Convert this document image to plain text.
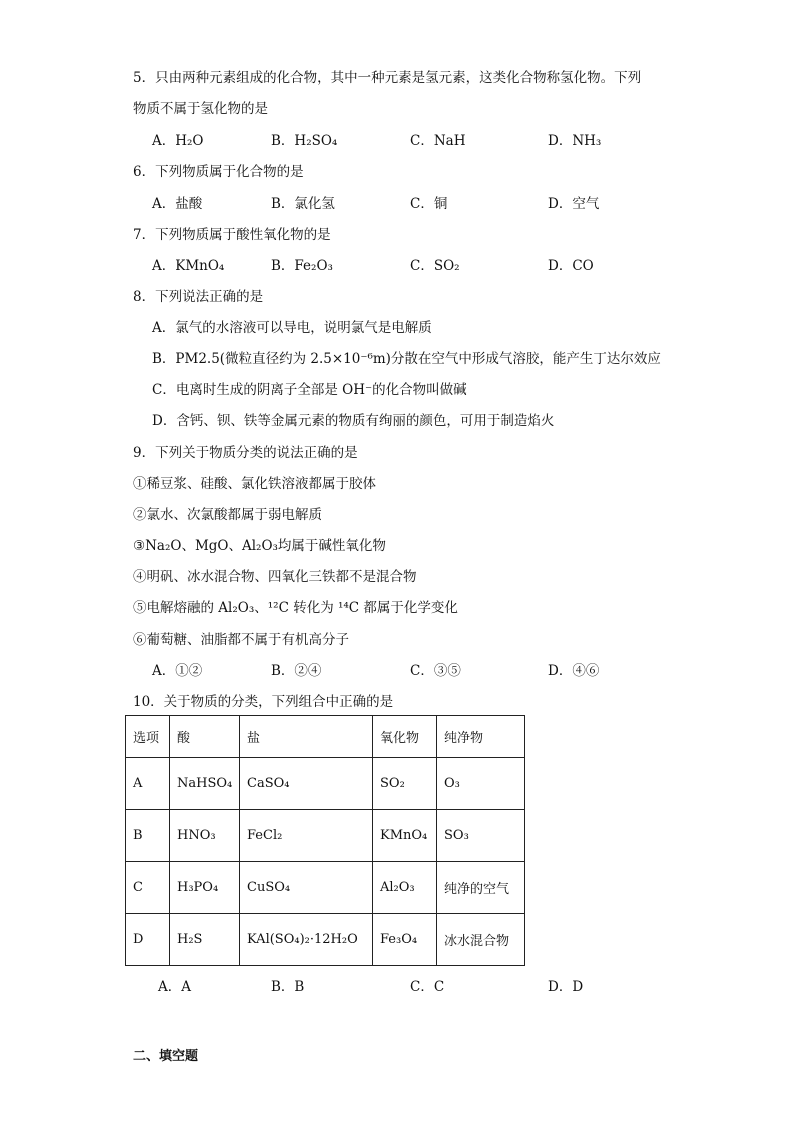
5．只由两种元素组成的化合物，其中一种元素是氢元素，这类化合物称氢化物。下列
物质不属于氢化物的是
A．H₂O	B．H₂SO₄	C．NaH	D．NH₃
6．下列物质属于化合物的是
A．盐酸	B．氯化氢	C．铜	D．空气
7．下列物质属于酸性氧化物的是
A．KMnO₄	B．Fe₂O₃	C．SO₂	D．CO
8．下列说法正确的是
A．氯气的水溶液可以导电，说明氯气是电解质
B．PM2.5(微粒直径约为 2.5×10⁻⁶m)分散在空气中形成气溶胶，能产生丁达尔效应
C．电离时生成的阴离子全部是 OH⁻的化合物叫做碱
D．含钙、钡、铁等金属元素的物质有绚丽的颜色，可用于制造焰火
9．下列关于物质分类的说法正确的是
①稀豆浆、硅酸、氯化铁溶液都属于胶体
②氯水、次氯酸都属于弱电解质
③Na₂O、MgO、Al₂O₃均属于碱性氧化物
④明矾、冰水混合物、四氧化三铁都不是混合物
⑤电解熔融的 Al₂O₃、¹²C 转化为 ¹⁴C 都属于化学变化
⑥葡萄糖、油脂都不属于有机高分子
A．①②	B．②④	C．③⑤	D．④⑥
10．关于物质的分类，下列组合中正确的是
选项	酸	盐	氧化物	纯净物
A	NaHSO₄	CaSO₄	SO₂	O₃
B	HNO₃	FeCl₂	KMnO₄	SO₃
C	H₃PO₄	CuSO₄	Al₂O₃	纯净的空气
D	H₂S	KAl(SO₄)₂·12H₂O	Fe₃O₄	冰水混合物
A．A	B．B	C．C	D．D
二、填空题
